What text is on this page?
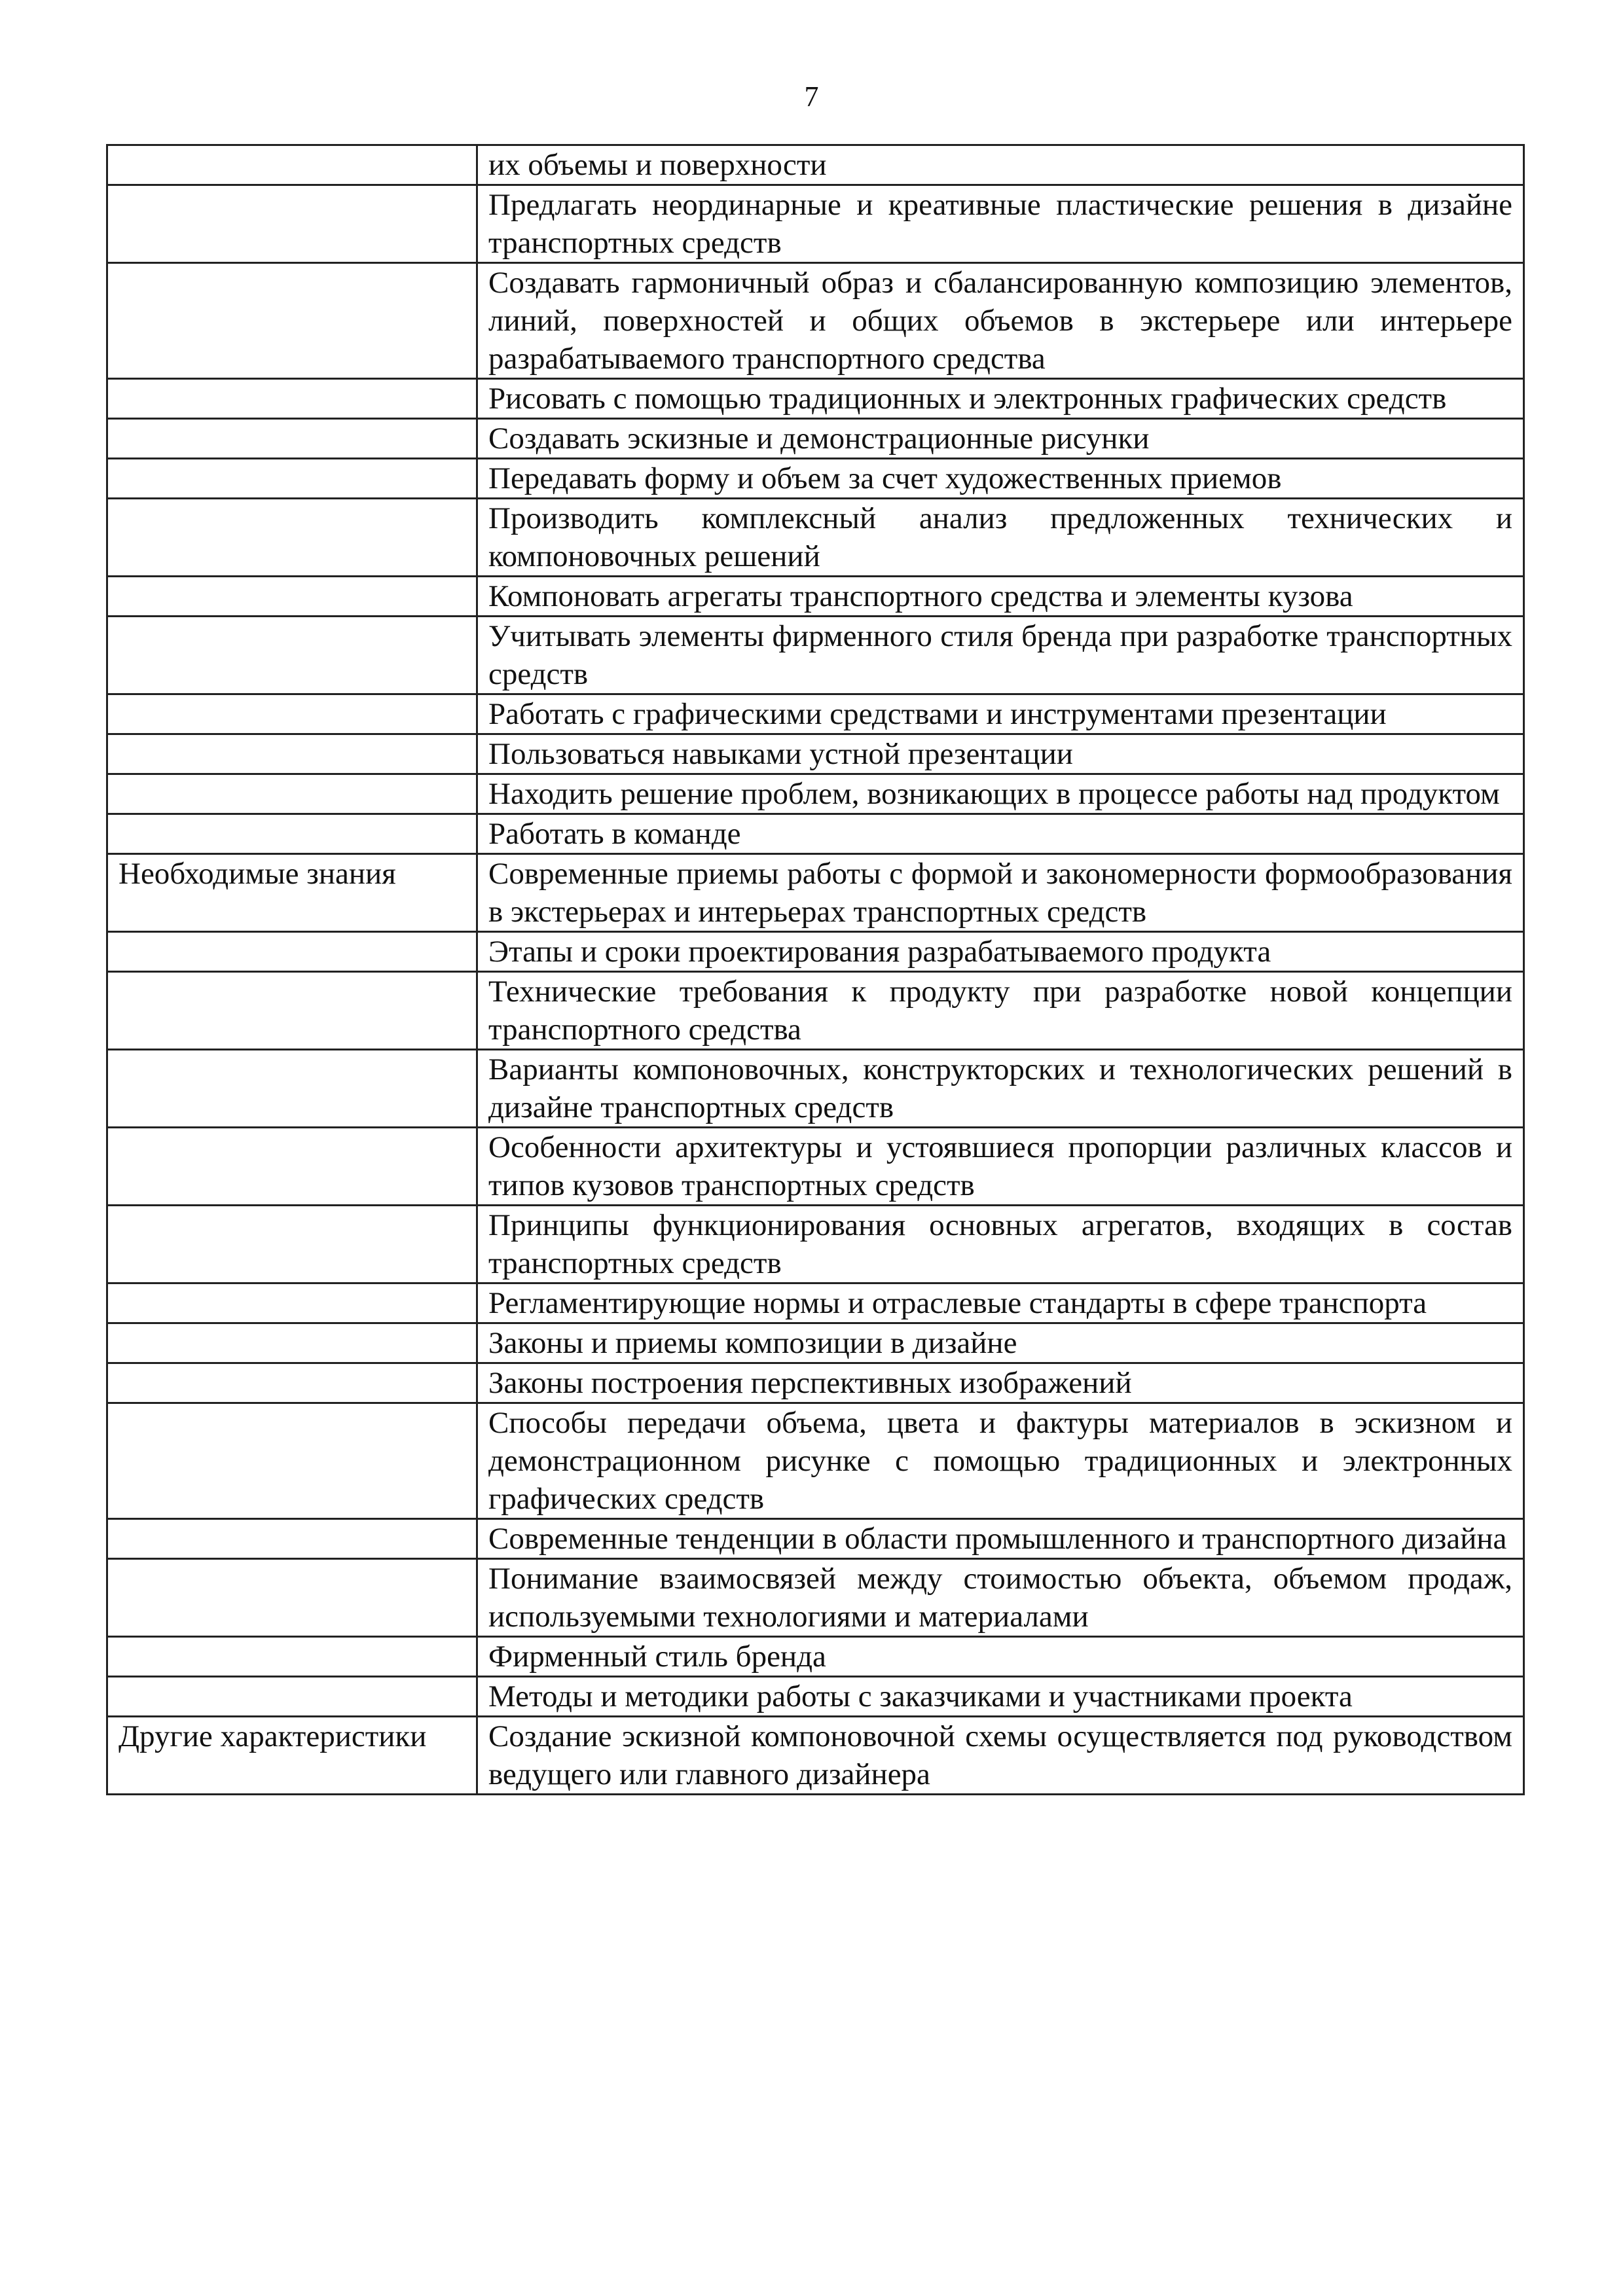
7
	их объемы и поверхности
	Предлагать неординарные и креативные пластические решения в дизайне транспортных средств
	Создавать гармоничный образ и сбалансированную композицию элементов, линий, поверхностей и общих объемов в экстерьере или интерьере разрабатываемого транспортного средства
	Рисовать с помощью традиционных и электронных графических средств
	Создавать эскизные и демонстрационные рисунки
	Передавать форму и объем за счет художественных приемов
	Производить комплексный анализ предложенных технических и компоновочных решений
	Компоновать агрегаты транспортного средства и элементы кузова
	Учитывать элементы фирменного стиля бренда при разработке транспортных средств
	Работать с графическими средствами и инструментами презентации
	Пользоваться навыками устной презентации
	Находить решение проблем, возникающих в процессе работы над продуктом
	Работать в команде
Необходимые знания	Современные приемы работы с формой и закономерности формообразования в экстерьерах и интерьерах транспортных средств
	Этапы и сроки проектирования разрабатываемого продукта
	Технические требования к продукту при разработке новой концепции транспортного средства
	Варианты компоновочных, конструкторских и технологических решений в дизайне транспортных средств
	Особенности архитектуры и устоявшиеся пропорции различных классов и типов кузовов транспортных средств
	Принципы функционирования основных агрегатов, входящих в состав транспортных средств
	Регламентирующие нормы и отраслевые стандарты в сфере транспорта
	Законы и приемы композиции в дизайне
	Законы построения перспективных изображений
	Способы передачи объема, цвета и фактуры материалов в эскизном и демонстрационном рисунке с помощью традиционных и электронных графических средств
	Современные тенденции в области промышленного и транспортного дизайна
	Понимание взаимосвязей между стоимостью объекта, объемом продаж, используемыми технологиями и материалами
	Фирменный стиль бренда
	Методы и методики работы с заказчиками и участниками проекта
Другие характеристики	Создание эскизной компоновочной схемы осуществляется под руководством ведущего или главного дизайнера
